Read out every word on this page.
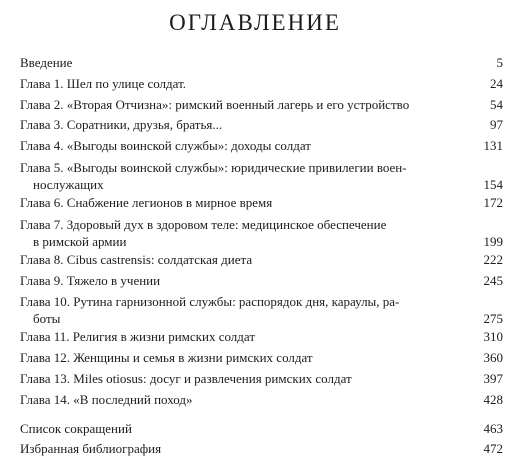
ОГЛАВЛЕНИЕ
Введение	5
Глава 1. Шел по улице солдат.	24
Глава 2. «Вторая Отчизна»: римский военный лагерь и его устройство	54
Глава 3. Соратники, друзья, братья...	97
Глава 4. «Выгоды воинской службы»: доходы солдат	131
Глава 5. «Выгоды воинской службы»: юридические привилегии воен-
нослужащих	154
Глава 6. Снабжение легионов в мирное время	172
Глава 7. Здоровый дух в здоровом теле: медицинское обеспечение
в римской армии	199
Глава 8. Cibus castrensis: солдатская диета	222
Глава 9. Тяжело в учении	245
Глава 10. Рутина гарнизонной службы: распорядок дня, караулы, ра-
боты	275
Глава 11. Религия в жизни римских солдат	310
Глава 12. Женщины и семья в жизни римских солдат	360
Глава 13. Miles otiosus: досуг и развлечения римских солдат	397
Глава 14. «В последний поход»	428
Список сокращений	463
Избранная библиография	472
